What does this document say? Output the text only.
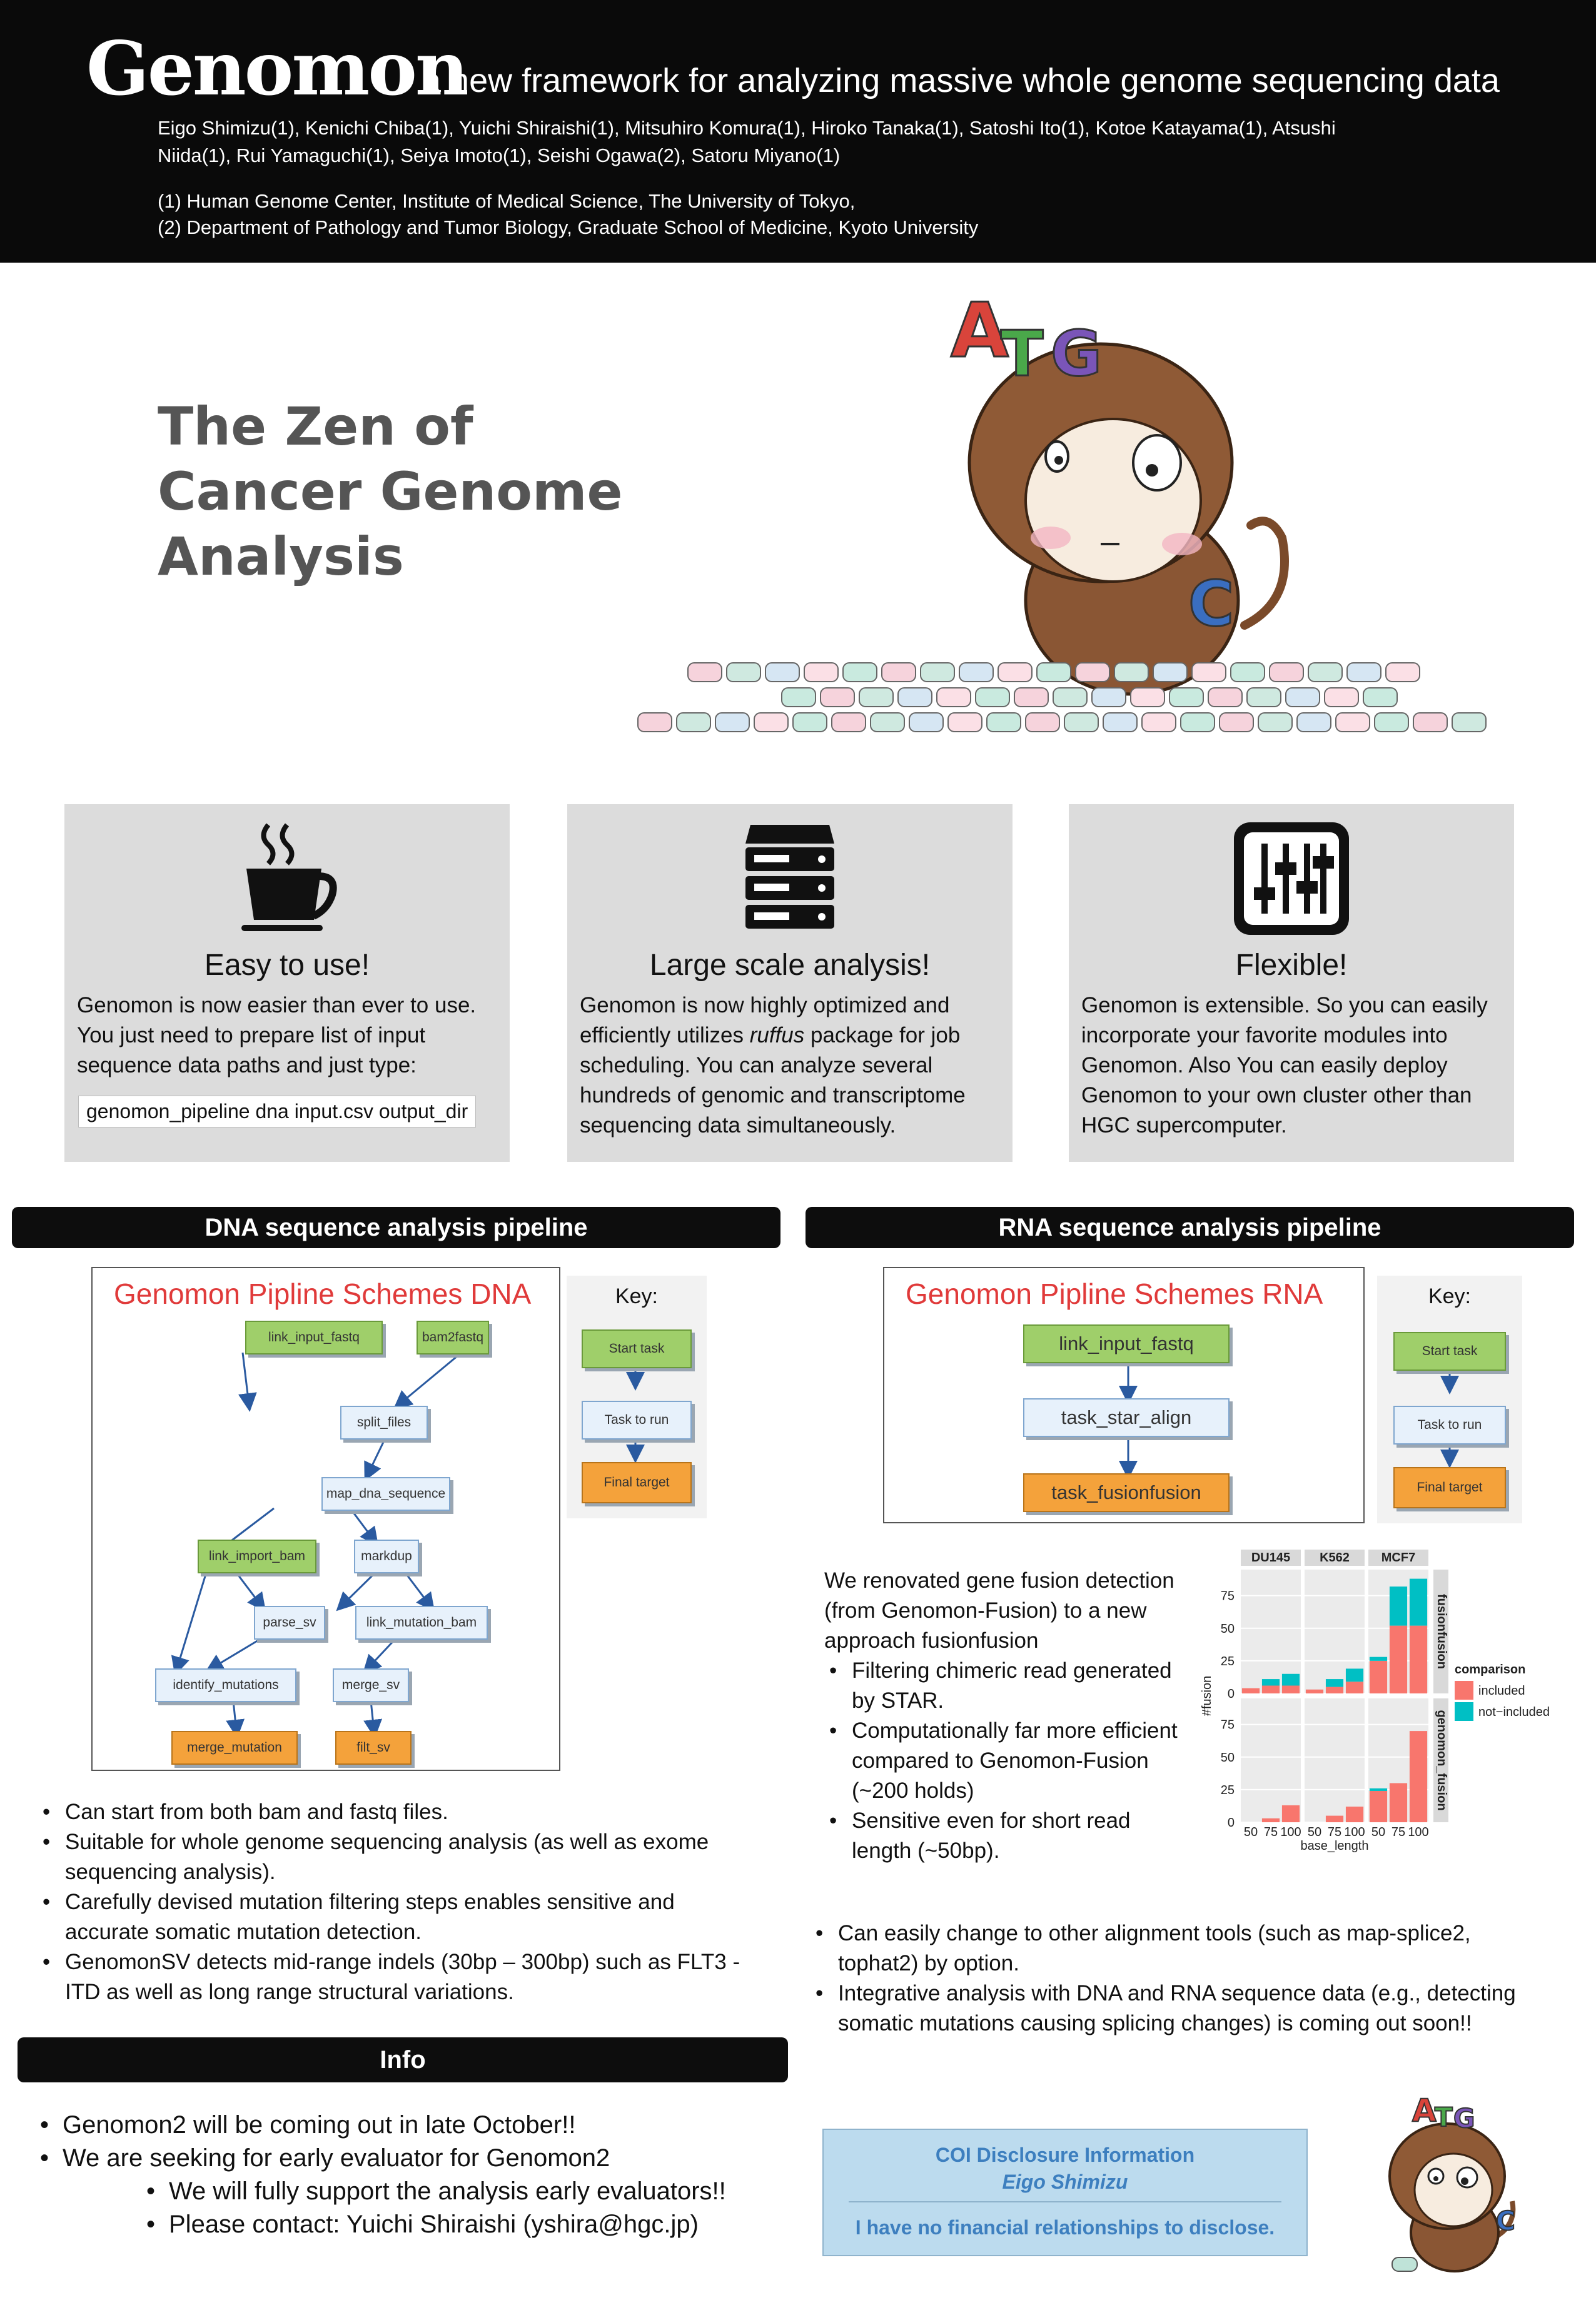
Genomon
a new framework for analyzing massive whole genome sequencing data
Eigo Shimizu(1), Kenichi Chiba(1), Yuichi Shiraishi(1), Mitsuhiro Komura(1), Hiroko Tanaka(1), Satoshi Ito(1), Kotoe Katayama(1), Atsushi
Niida(1), Rui Yamaguchi(1), Seiya Imoto(1), Seishi Ogawa(2), Satoru Miyano(1)
(1) Human Genome Center, Institute of Medical Science, The University of Tokyo,
(2) Department of Pathology and Tumor Biology, Graduate School of Medicine, Kyoto University
The Zen of
Cancer Genome
Analysis
A
T G
C
Easy to use!
Genomon is now easier than ever to use.
You just need to prepare list of input
sequence data paths and just type:
genomon_pipeline dna input.csv output_dir
Large scale analysis!
Genomon is now highly optimized and
efficiently utilizes ruffus package for job
scheduling. You can analyze several
hundreds of genomic and transcriptome
sequencing data simultaneously.
Flexible!
Genomon is extensible. So you can easily
incorporate your favorite modules into
Genomon. Also You can easily deploy
Genomon to your own cluster other than
HGC supercomputer.
DNA sequence analysis pipeline	RNA sequence analysis pipeline
Genomon Pipline Schemes DNA
link_input_fastq	bam2fastq
split_files
map_dna_sequence
link_import_bam	markdup
parse_sv	link_mutation_bam
identify_mutations	merge_sv
merge_mutation	filt_sv
Key:
Start task
Task to run
Final target
• Can start from both bam and fastq files.
• Suitable for whole genome sequencing analysis (as well as exome sequencing analysis).
• Carefully devised mutation filtering steps enables sensitive and accurate somatic mutation detection.
• GenomonSV detects mid-range indels (30bp – 300bp) such as FLT3 -ITD as well as long range structural variations.
Genomon Pipline Schemes RNA
link_input_fastq
task_star_align
task_fusionfusion
Key:
Start task
Task to run
Final target
We renovated gene fusion detection (from Genomon-Fusion) to a new approach fusionfusion
• Filtering chimeric read generated by STAR.
• Computationally far more efficient compared to Genomon-Fusion (~200 holds)
• Sensitive even for short read length (~50bp).
DU145 K562	MCF7
fusionfusion
genomon_fusion
0
25
50
75
0
25
50
75
50 75 100 50 75 100 50 75 100
base_length
#fusion
comparison
included
not−included
• Can easily change to other alignment tools (such as map-splice2, tophat2) by option.
• Integrative analysis with DNA and RNA sequence data (e.g., detecting somatic mutations causing splicing changes) is coming out soon!!
Info
• Genomon2 will be coming out in late October!!
• We are seeking for early evaluator for Genomon2
• We will fully support the analysis early evaluators!!
• Please contact: Yuichi Shiraishi (yshira@hgc.jp)
COI Disclosure Information
Eigo Shimizu
I have no financial relationships to disclose.
A
T G
C
